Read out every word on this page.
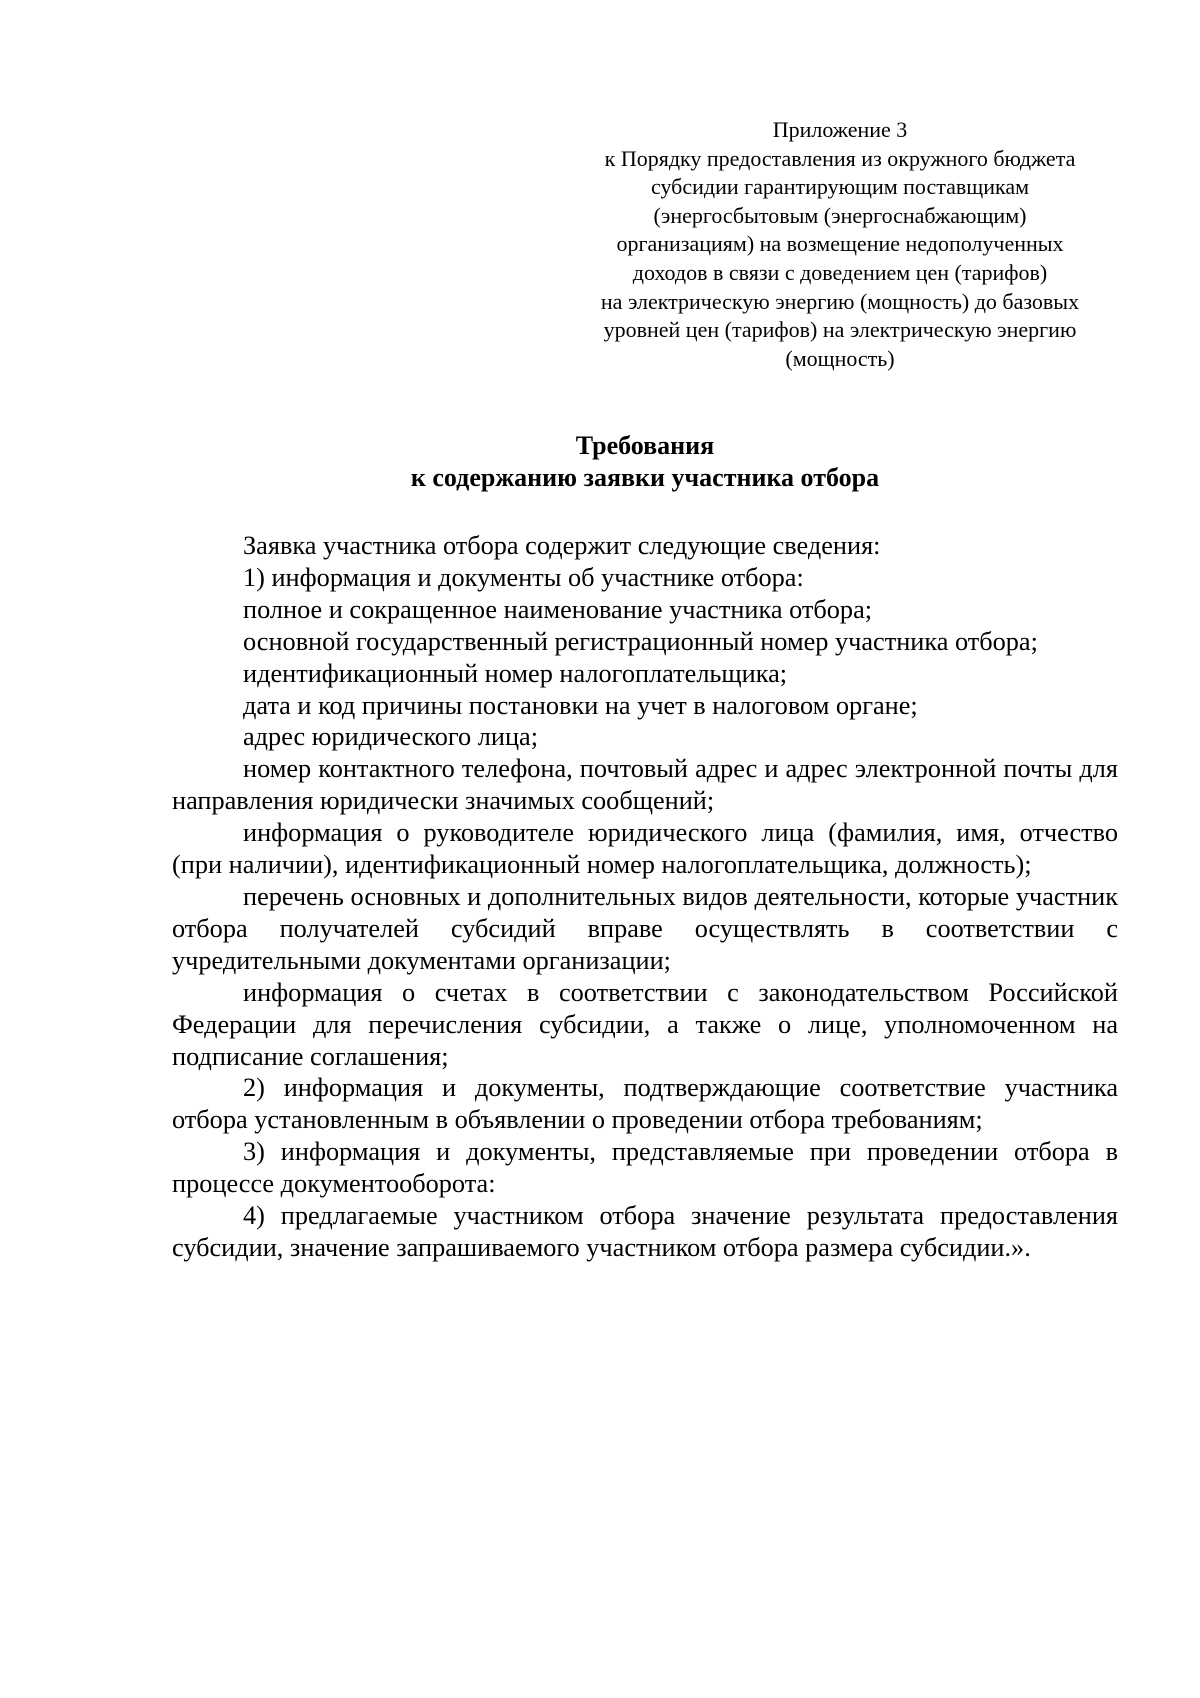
Приложение 3
к Порядку предоставления из окружного бюджета
субсидии гарантирующим поставщикам
(энергосбытовым (энергоснабжающим)
организациям) на возмещение недополученных
доходов в связи с доведением цен (тарифов)
на электрическую энергию (мощность) до базовых
уровней цен (тарифов) на электрическую энергию
(мощность)
Требования
к содержанию заявки участника отбора

Заявка участника отбора содержит следующие сведения:

1) информация и документы об участнике отбора:

полное и сокращенное наименование участника отбора;

основной государственный регистрационный номер участника отбора;

идентификационный номер налогоплательщика;

дата и код причины постановки на учет в налоговом органе;

адрес юридического лица;

номер контактного телефона, почтовый адрес и адрес электронной почты для направления юридически значимых сообщений;

информация о руководителе юридического лица (фамилия, имя, отчество (при наличии), идентификационный номер налогоплательщика, должность);

перечень основных и дополнительных видов деятельности, которые участник отбора получателей субсидий вправе осуществлять в соответствии с учредительными документами организации;

информация о счетах в соответствии с законодательством Российской Федерации для перечисления субсидии, а также о лице, уполномоченном на подписание соглашения;

2) информация и документы, подтверждающие соответствие участника отбора установленным в объявлении о проведении отбора требованиям;

3) информация и документы, представляемые при проведении отбора в процессе документооборота:

4) предлагаемые участником отбора значение результата предоставления субсидии, значение запрашиваемого участником отбора размера субсидии.».
